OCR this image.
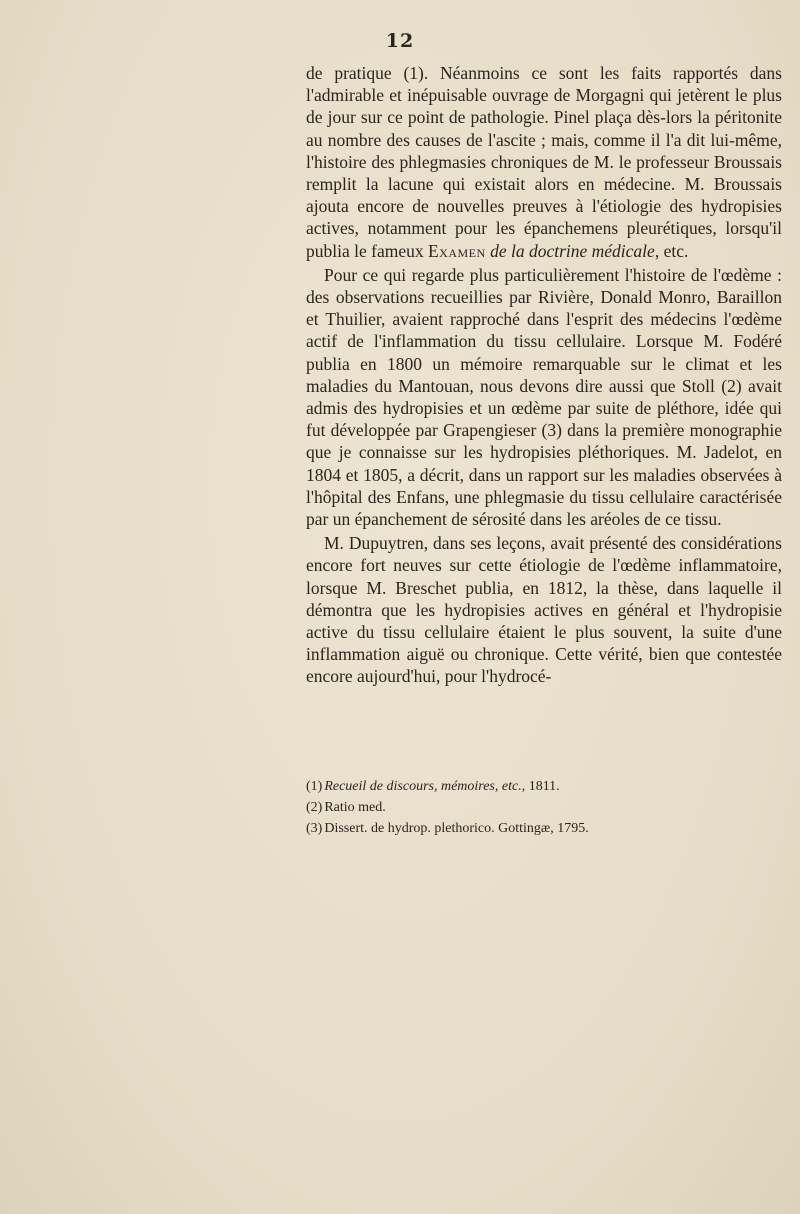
12

de pratique (1). Néanmoins ce sont les faits rapportés dans l'admirable et inépuisable ouvrage de Morgagni qui jetèrent le plus de jour sur ce point de pathologie. Pinel plaça dès-lors la péritonite au nombre des causes de l'ascite ; mais, comme il l'a dit lui-même, l'histoire des phlegmasies chroniques de M. le professeur Broussais remplit la lacune qui existait alors en médecine. M. Broussais ajouta encore de nouvelles preuves à l'étiologie des hydropisies actives, notamment pour les épanchemens pleurétiques, lorsqu'il publia le fameux Examen de la doctrine médicale, etc.

Pour ce qui regarde plus particulièrement l'histoire de l'œdème : des observations recueillies par Rivière, Donald Monro, Baraillon et Thuilier, avaient rapproché dans l'esprit des médecins l'œdème actif de l'inflammation du tissu cellulaire. Lorsque M. Fodéré publia en 1800 un mémoire remarquable sur le climat et les maladies du Mantouan, nous devons dire aussi que Stoll (2) avait admis des hydropisies et un œdème par suite de pléthore, idée qui fut développée par Grapengieser (3) dans la première monographie que je connaisse sur les hydropisies pléthoriques. M. Jadelot, en 1804 et 1805, a décrit, dans un rapport sur les maladies observées à l'hôpital des Enfans, une phlegmasie du tissu cellulaire caractérisée par un épanchement de sérosité dans les aréoles de ce tissu.

M. Dupuytren, dans ses leçons, avait présenté des considérations encore fort neuves sur cette étiologie de l'œdème inflammatoire, lorsque M. Breschet publia, en 1812, la thèse, dans laquelle il démontra que les hydropisies actives en général et l'hydropisie active du tissu cellulaire étaient le plus souvent, la suite d'une inflammation aiguë ou chronique. Cette vérité, bien que contestée encore aujourd'hui, pour l'hydrocé-

(1) Recueil de discours, mémoires, etc., 1811.
(2) Ratio med.
(3) Dissert. de hydrop. plethorico. Gottingæ, 1795.
